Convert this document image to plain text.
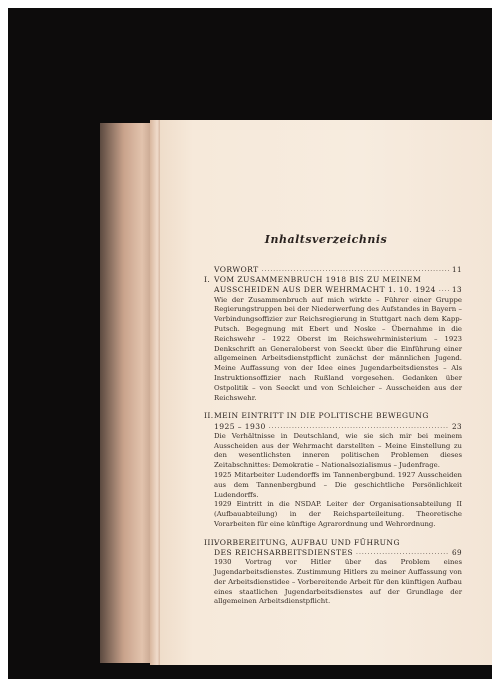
Inhaltsverzeichnis
VORWORT .....	11
I. VOM ZUSAMMENBRUCH 1918 BIS ZU MEINEM
AUSSCHEIDEN AUS DER WEHRMACHT 1. 10. 1924 ..... 13
Wie der Zusammenbruch auf mich wirkte – Führer einer Gruppe Regierungstruppen bei der Niederwerfung des Aufstandes in Bayern – Verbindungsoffizier zur Reichsregierung in Stuttgart nach dem Kapp-Putsch. Begegnung mit Ebert und Noske – Übernahme in die Reichswehr – 1922 Oberst im Reichswehrministerium – 1923 Denkschrift an Generaloberst von Seeckt über die Einführung einer allgemeinen Arbeitsdienstpflicht zunächst der männlichen Jugend. Meine Auffassung von der Idee eines Jugendarbeitsdienstes – Als Instruktionsoffizier nach Rußland vorgesehen. Gedanken über Ostpolitik – von Seeckt und von Schleicher – Ausscheiden aus der Reichswehr.
II. MEIN EINTRITT IN DIE POLITISCHE BEWEGUNG
1925 – 1930 .....	23
Die Verhältnisse in Deutschland, wie sie sich mir bei meinem Ausscheiden aus der Wehrmacht darstellten – Meine Einstellung zu den wesentlichsten inneren politischen Problemen dieses Zeitabschnittes: Demokratie – Nationalsozialismus – Judenfrage.
1925 Mitarbeiter Ludendorffs im Tannenbergbund. 1927 Ausscheiden aus dem Tannenbergbund – Die geschichtliche Persönlichkeit Ludendorffs.
1929 Eintritt in die NSDAP. Leiter der Organisationsabteilung II (Aufbauabteilung) in der Reichsparteileitung. Theoretische Vorarbeiten für eine künftige Agrarordnung und Wehrordnung.
III.
VORBEREITUNG, AUFBAU UND FÜHRUNG
DES REICHSARBEITSDIENSTES .....	69
1930 Vortrag vor Hitler über das Problem eines Jugendarbeitsdienstes. Zustimmung Hitlers zu meiner Auffassung von der Arbeitsdienstidee – Vorbereitende Arbeit für den künftigen Aufbau eines staatlichen Jugendarbeitsdienstes auf der Grundlage der allgemeinen Arbeitsdienstpflicht.
